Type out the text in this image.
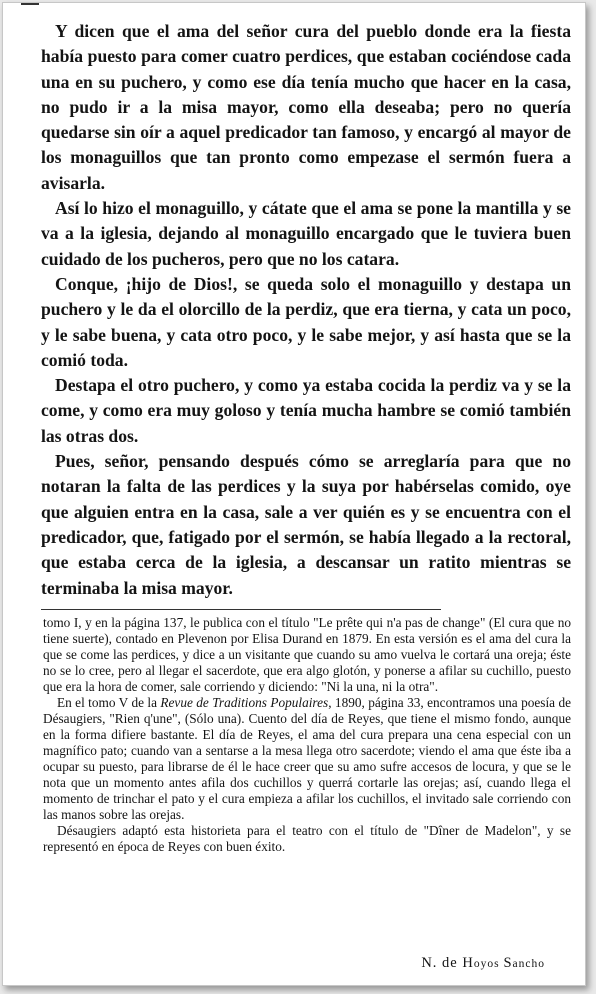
Y dicen que el ama del señor cura del pueblo donde era la fiesta había puesto para comer cuatro perdices, que estaban cociéndose cada una en su puchero, y como ese día tenía mucho que hacer en la casa, no pudo ir a la misa mayor, como ella deseaba; pero no quería quedarse sin oír a aquel predicador tan famoso, y encargó al mayor de los monaguillos que tan pronto como empezase el sermón fuera a avisarla.

Así lo hizo el monaguillo, y cátate que el ama se pone la mantilla y se va a la iglesia, dejando al monaguillo encargado que le tuviera buen cuidado de los pucheros, pero que no los catara.

Conque, ¡hijo de Dios!, se queda solo el monaguillo y destapa un puchero y le da el olorcillo de la perdiz, que era tierna, y cata un poco, y le sabe buena, y cata otro poco, y le sabe mejor, y así hasta que se la comió toda.

Destapa el otro puchero, y como ya estaba cocida la perdiz va y se la come, y como era muy goloso y tenía mucha hambre se comió también las otras dos.

Pues, señor, pensando después cómo se arreglaría para que no notaran la falta de las perdices y la suya por habérselas comido, oye que alguien entra en la casa, sale a ver quién es y se encuentra con el predicador, que, fatigado por el sermón, se había llegado a la rectoral, que estaba cerca de la iglesia, a descansar un ratito mientras se terminaba la misa mayor.

tomo I, y en la página 137, le publica con el título "Le prête qui n'a pas de change" (El cura que no tiene suerte), contado en Plevenon por Elisa Durand en 1879. En esta versión es el ama del cura la que se come las perdices, y dice a un visitante que cuando su amo vuelva le cortará una oreja; éste no se lo cree, pero al llegar el sacerdote, que era algo glotón, y ponerse a afilar su cuchillo, puesto que era la hora de comer, sale corriendo y diciendo: "Ni la una, ni la otra".

En el tomo V de la Revue de Traditions Populaires, 1890, página 33, encontramos una poesía de Désaugiers, "Rien q'une", (Sólo una). Cuento del día de Reyes, que tiene el mismo fondo, aunque en la forma difiere bastante. El día de Reyes, el ama del cura prepara una cena especial con un magnífico pato; cuando van a sentarse a la mesa llega otro sacerdote; viendo el ama que éste iba a ocupar su puesto, para librarse de él le hace creer que su amo sufre accesos de locura, y que se le nota que un momento antes afila dos cuchillos y querrá cortarle las orejas; así, cuando llega el momento de trinchar el pato y el cura empieza a afilar los cuchillos, el invitado sale corriendo con las manos sobre las orejas.

Désaugiers adaptó esta historieta para el teatro con el título de "Dîner de Madelon", y se representó en época de Reyes con buen éxito.

N. de Hoyos Sancho
